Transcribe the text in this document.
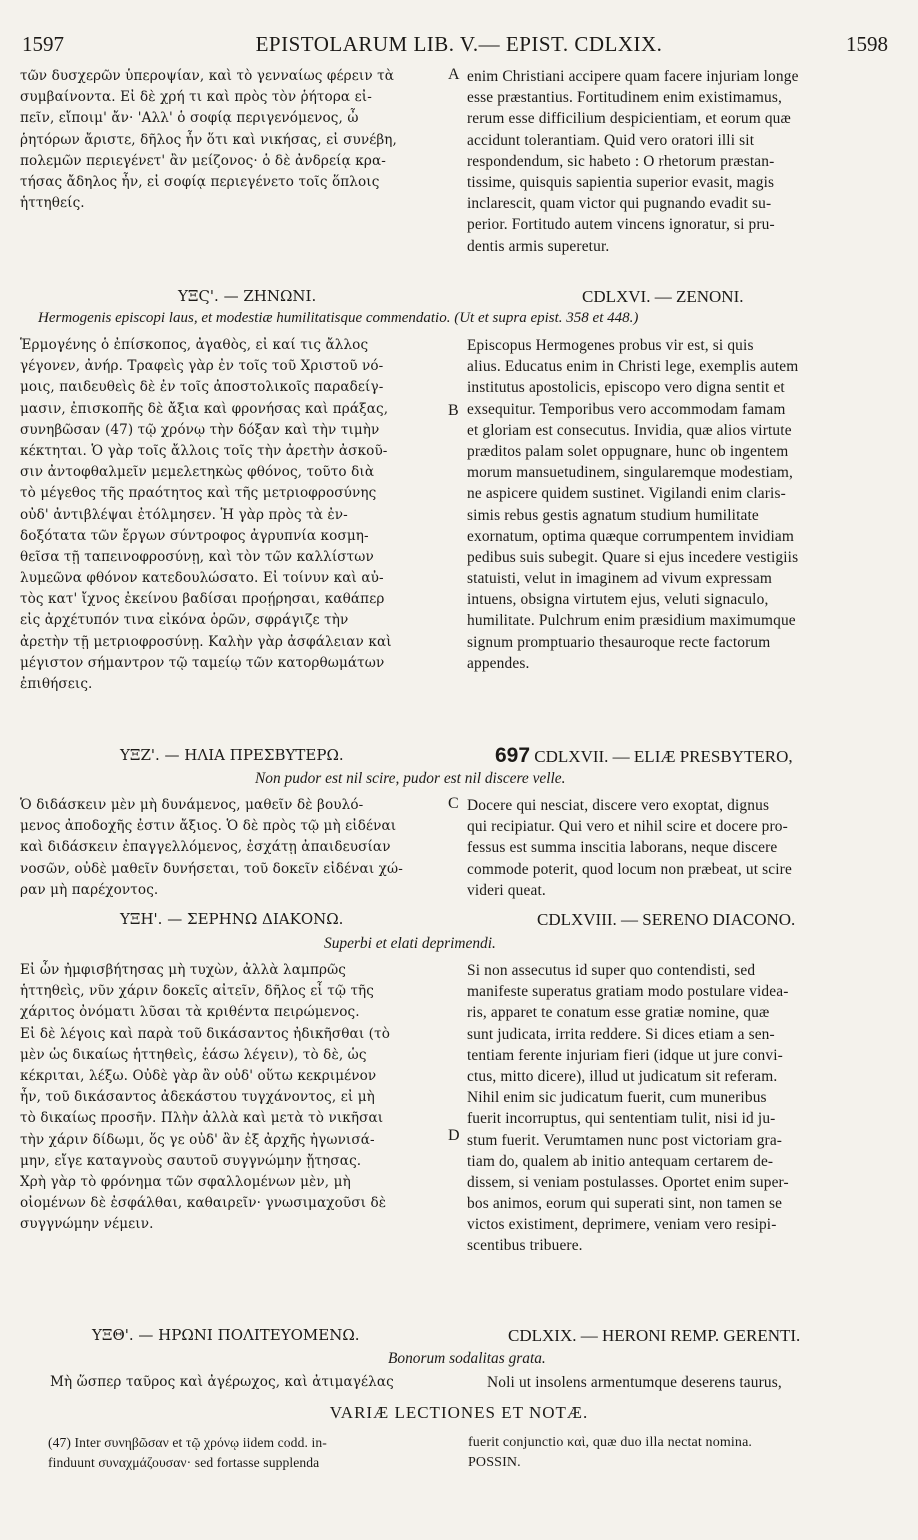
1597	EPISTOLARUM LIB. V.— EPIST. CDLXIX.	1598
τῶν δυσχερῶν ὑπεροψίαν, καὶ τὸ γενναίως φέρειν τὰ
συμβαίνοντα. Εἰ δὲ χρή τι καὶ πρὸς τὸν ῥήτορα εἰ-
πεῖν, εἴποιμ' ἄν· 'Αλλ' ὁ σοφίᾳ περιγενόμενος, ὦ
ῥητόρων ἄριστε, δῆλος ἦν ὅτι καὶ νικήσας, εἰ συνέβη,
πολεμῶν περιεγένετ' ἂν μείζονος· ὁ δὲ ἀνδρείᾳ κρα-
τήσας ἄδηλος ἦν, εἰ σοφίᾳ περιεγένετο τοῖς ὅπλοις
ἡττηθείς.
enim Christiani accipere quam facere injuriam longe
esse præstantius. Fortitudinem enim existimamus,
rerum esse difficilium despicientiam, et eorum quæ
accidunt tolerantiam. Quid vero oratori illi sit
respondendum, sic habeto : O rhetorum præstan-
tissime, quisquis sapientia superior evasit, magis
inclarescit, quam victor qui pugnando evadit su-
perior. Fortitudo autem vincens ignoratur, si pru-
dentis armis superetur.
A
ΥΞϚ'. — ΖΗΝΩΝΙ.	CDLXVI. — ZENONI.
Hermogenis episcopi laus, et modestiæ humilitatisque commendatio. (Ut et supra epist. 358 et 448.)
Ἑρμογένης ὁ ἐπίσκοπος, ἀγαθὸς, εἰ καί τις ἄλλος
γέγονεν, ἀνήρ. Τραφεὶς γὰρ ἐν τοῖς τοῦ Χριστοῦ νό-
μοις, παιδευθεὶς δὲ ἐν τοῖς ἀποστολικοῖς παραδείγ-
μασιν, ἐπισκοπῆς δὲ ἄξια καὶ φρονήσας καὶ πράξας,
συνηβῶσαν (47) τῷ χρόνῳ τὴν δόξαν καὶ τὴν τιμὴν
κέκτηται. Ὁ γὰρ τοῖς ἄλλοις τοῖς τὴν ἀρετὴν ἀσκοῦ-
σιν ἀντοφθαλμεῖν μεμελετηκὼς φθόνος, τοῦτο διὰ
τὸ μέγεθος τῆς πραότητος καὶ τῆς μετριοφροσύνης
οὐδ' ἀντιβλέψαι ἐτόλμησεν. Ἡ γὰρ πρὸς τὰ ἐν-
δοξότατα τῶν ἔργων σύντροφος ἀγρυπνία κοσμη-
θεῖσα τῇ ταπεινοφροσύνῃ, καὶ τὸν τῶν καλλίστων
λυμεῶνα φθόνον κατεδουλώσατο. Εἰ τοίνυν καὶ αὐ-
τὸς κατ' ἴχνος ἐκείνου βαδίσαι προῄρησαι, καθάπερ
εἰς ἀρχέτυπόν τινα εἰκόνα ὁρῶν, σφράγιζε τὴν
ἀρετὴν τῇ μετριοφροσύνῃ. Καλὴν γὰρ ἀσφάλειαν καὶ
μέγιστον σήμαντρον τῷ ταμείῳ τῶν κατορθωμάτων
ἐπιθήσεις.
Episcopus Hermogenes probus vir est, si quis
alius. Educatus enim in Christi lege, exemplis autem
institutus apostolicis, episcopo vero digna sentit et
exsequitur. Temporibus vero accommodam famam
et gloriam est consecutus. Invidia, quæ alios virtute
præditos palam solet oppugnare, hunc ob ingentem
morum mansuetudinem, singularemque modestiam,
ne aspicere quidem sustinet. Vigilandi enim claris-
simis rebus gestis agnatum studium humilitate
exornatum, optima quæque corrumpentem invidiam
pedibus suis subegit. Quare si ejus incedere vestigiis
statuisti, velut in imaginem ad vivum expressam
intuens, obsigna virtutem ejus, veluti signaculo,
humilitate. Pulchrum enim præsidium maximumque
signum promptuario thesauroque recte factorum
appendes.
B
ΥΞΖ'. — ΗΛΙΑ ΠΡΕΣΒΥΤΕΡΩ.	697 CDLXVII. — ELIÆ PRESBYTERO,
Non pudor est nil scire, pudor est nil discere velle.
Ὁ διδάσκειν μὲν μὴ δυνάμενος, μαθεῖν δὲ βουλό-
μενος ἀποδοχῆς ἐστιν ἄξιος. Ὁ δὲ πρὸς τῷ μὴ εἰδέναι
καὶ διδάσκειν ἐπαγγελλόμενος, ἐσχάτῃ ἀπαιδευσίαν
νοσῶν, οὐδὲ μαθεῖν δυνήσεται, τοῦ δοκεῖν εἰδέναι χώ-
ραν μὴ παρέχοντος.
Docere qui nesciat, discere vero exoptat, dignus
qui recipiatur. Qui vero et nihil scire et docere pro-
fessus est summa inscitia laborans, neque discere
commode poterit, quod locum non præbeat, ut scire
videri queat.
C
ΥΞΗ'. — ΣΕΡΗΝΩ ΔΙΑΚΟΝΩ.	CDLXVIII. — SERENO DIACONO.
Superbi et elati deprimendi.
Εἰ ὧν ἠμφισβήτησας μὴ τυχὼν, ἀλλὰ λαμπρῶς
ἡττηθεὶς, νῦν χάριν δοκεῖς αἰτεῖν, δῆλος εἶ τῷ τῆς
χάριτος ὀνόματι λῦσαι τὰ κριθέντα πειρώμενος.
Εἰ δὲ λέγοις καὶ παρὰ τοῦ δικάσαντος ἠδικῆσθαι (τὸ
μὲν ὡς δικαίως ἡττηθεὶς, ἐάσω λέγειν), τὸ δὲ, ὡς
κέκριται, λέξω. Οὐδὲ γὰρ ἂν οὐδ' οὕτω κεκριμένον
ἦν, τοῦ δικάσαντος ἀδεκάστου τυγχάνοντος, εἰ μὴ
τὸ δικαίως προσῆν. Πλὴν ἀλλὰ καὶ μετὰ τὸ νικῆσαι
τὴν χάριν δίδωμι, ὅς γε οὐδ' ἂν ἐξ ἀρχῆς ἠγωνισά-
μην, εἴγε καταγνοὺς σαυτοῦ συγγνώμην ᾔτησας.
Χρὴ γὰρ τὸ φρόνημα τῶν σφαλλομένων μὲν, μὴ
οἰομένων δὲ ἐσφάλθαι, καθαιρεῖν· γνωσιμαχοῦσι δὲ
συγγνώμην νέμειν.
Si non assecutus id super quo contendisti, sed
manifeste superatus gratiam modo postulare videa-
ris, apparet te conatum esse gratiæ nomine, quæ
sunt judicata, irrita reddere. Si dices etiam a sen-
tentiam ferente injuriam fieri (idque ut jure convi-
ctus, mitto dicere), illud ut judicatum sit referam.
Nihil enim sic judicatum fuerit, cum muneribus
fuerit incorruptus, qui sententiam tulit, nisi id ju-
stum fuerit. Verumtamen nunc post victoriam gra-
tiam do, qualem ab initio antequam certarem de-
dissem, si veniam postulasses. Oportet enim super-
bos animos, eorum qui superati sint, non tamen se
victos existiment, deprimere, veniam vero resipi-
scentibus tribuere.
D
ΥΞΘ'. — ΗΡΩΝΙ ΠΟΛΙΤΕΥΟΜΕΝΩ.	CDLXIX. — HERONI REMP. GERENTI.
Bonorum sodalitas grata.
Μὴ ὥσπερ ταῦρος καὶ ἀγέρωχος, καὶ ἀτιμαγέλας	Noli ut insolens armentumque deserens taurus,
VARIÆ LECTIONES ET NOTÆ.
(47) Inter συνηβῶσαν et τῷ χρόνῳ iidem codd. in-
finduunt συναχμάζουσαν· sed fortasse supplenda
fuerit conjunctio καὶ, quæ duo illa nectat nomina.
POSSIN.
